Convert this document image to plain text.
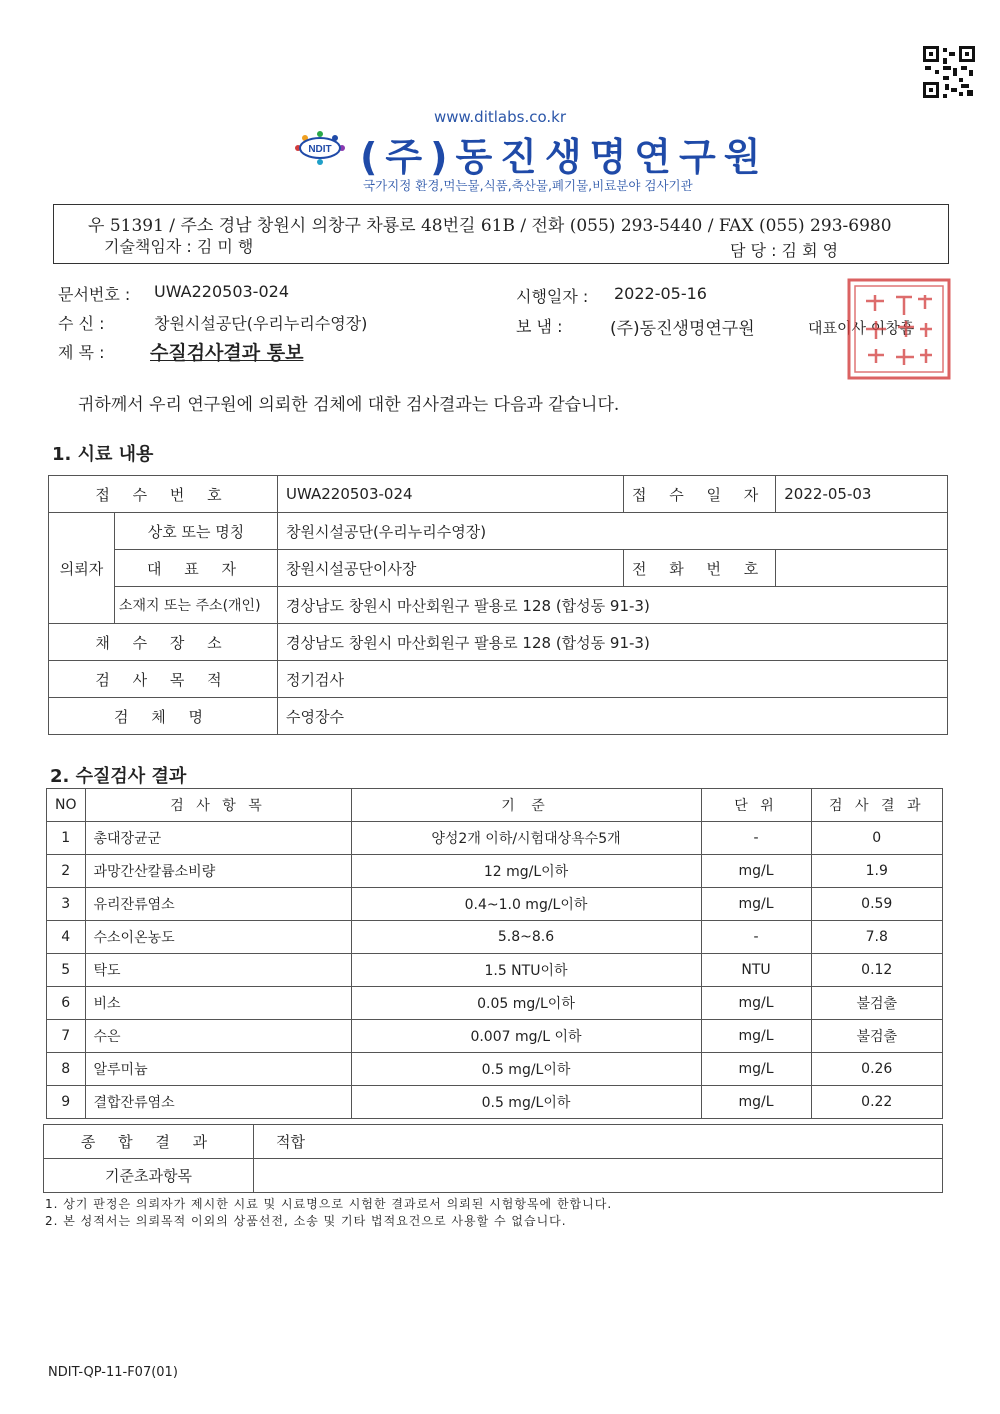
www.ditlabs.co.kr
NDIT (주)동진생명연구원
국가지정 환경,먹는물,식품,축산물,폐기물,비료분야 검사기관
우 51391 / 주소 경남 창원시 의창구 차룡로 48번길 61B / 전화 (055) 293-5440 / FAX (055) 293-6980
기술책임자 : 김 미 행	담 당 : 김 회 영
문서번호 : UWA220503-024	시행일자 : 2022-05-16
수 신 :	창원시설공단(우리누리수영장)	보 냄 :	(주)동진생명연구원	대표이사 이창흠
제 목 : 수질검사결과 통보
귀하께서 우리 연구원에 의뢰한 검체에 대한 검사결과는 다음과 같습니다.
1. 시료 내용
접 수 번 호		UWA220503-024	접 수 일 자	2022-05-03
의뢰자	상호 또는 명칭	창원시설공단(우리누리수영장)		
	대 표 자	창원시설공단이사장	전 화 번 호	
	소재지 또는 주소(개인)	경상남도 창원시 마산회원구 팔용로 128 (합성동 91-3)		
채 수 장 소		경상남도 창원시 마산회원구 팔용로 128 (합성동 91-3)		
검 사 목 적		정기검사		
검 체 명		수영장수		
2. 수질검사 결과
NO	검 사 항 목	기 준	단 위	검 사 결 과
1	총대장균군	양성2개 이하/시험대상욕수5개	-	0
2	과망간산칼륨소비량	12 mg/L이하	mg/L	1.9
3	유리잔류염소	0.4~1.0 mg/L이하	mg/L	0.59
4	수소이온농도	5.8~8.6	-	7.8
5	탁도	1.5 NTU이하	NTU	0.12
6	비소	0.05 mg/L이하	mg/L	불검출
7	수은	0.007 mg/L 이하	mg/L	불검출
8	알루미늄	0.5 mg/L이하	mg/L	0.26
9	결합잔류염소	0.5 mg/L이하	mg/L	0.22
종 합 결 과	적합
기준초과항목	
1. 상기 판정은 의뢰자가 제시한 시료 및 시료명으로 시험한 결과로서 의뢰된 시험항목에 한합니다.
2. 본 성적서는 의뢰목적 이외의 상품선전, 소송 및 기타 법적요건으로 사용할 수 없습니다.
NDIT-QP-11-F07(01)
